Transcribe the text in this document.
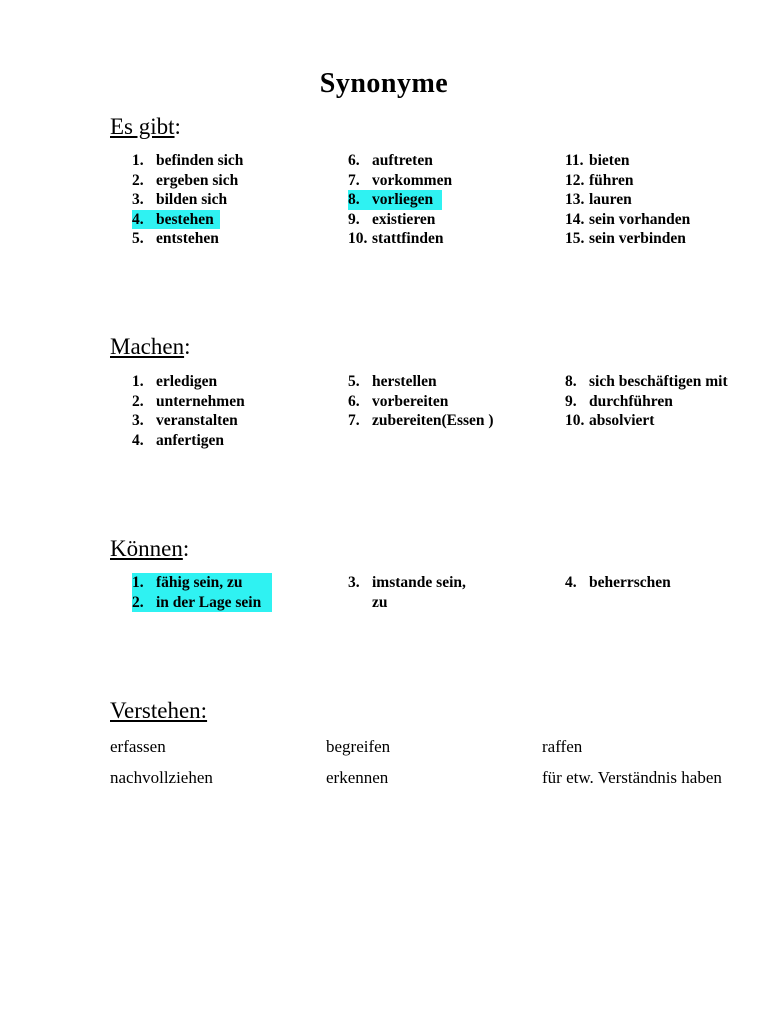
Synonyme
Es gibt:
1. befinden sich
2. ergeben sich
3. bilden sich
4. bestehen
5. entstehen
6. auftreten
7. vorkommen
8. vorliegen
9. existieren
10. stattfinden
11. bieten
12. führen
13. lauren
14. sein vorhanden
15. sein verbinden
Machen:
1. erledigen
2. unternehmen
3. veranstalten
4. anfertigen
5. herstellen
6. vorbereiten
7. zubereiten(Essen )
8. sich beschäftigen mit
9. durchführen
10. absolviert
Können:
1. fähig sein, zu
2. in der Lage sein
3. imstande sein, zu
4. beherrschen
Verstehen:
erfassen	begreifen	raffen
nachvollziehen	erkennen	für etw. Verständnis haben
